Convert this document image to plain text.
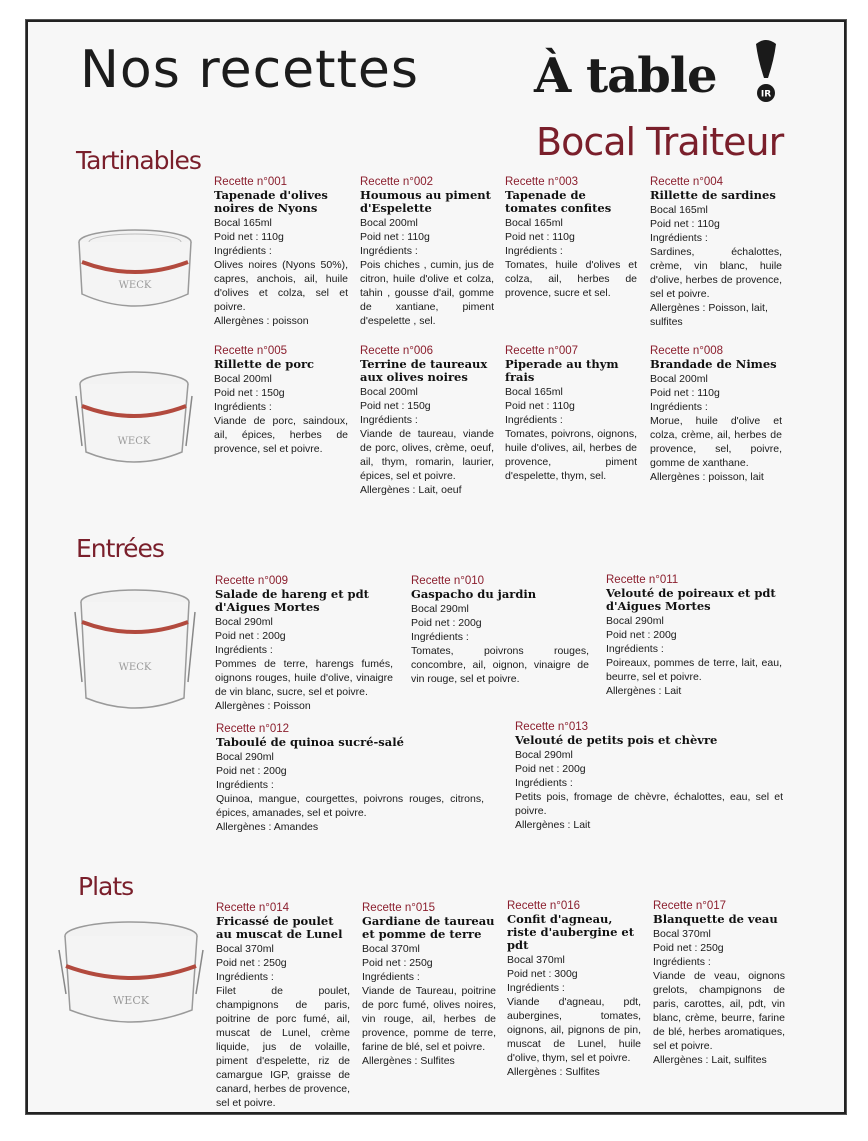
Nos recettes À table	IR
Bocal Traiteur
Tartinables
Entrées
Plats
WECK
WECK
WECK
WECK
Recette n°001
Tapenade d'olives noires de Nyons
Bocal 165ml
Poid net : 110g
Ingrédients :
Olives noires (Nyons 50%), capres, anchois, ail, huile d'olives et colza, sel et poivre.
Allergènes : poisson
Recette n°002
Houmous au piment d'Espelette
Bocal 200ml
Poid net : 110g
Ingrédients :
Pois chiches , cumin, jus de citron, huile d'olive et colza, tahin , gousse d'ail, gomme de xantiane, piment d'espelette , sel.
Recette n°003
Tapenade de tomates confites
Bocal 165ml
Poid net : 110g
Ingrédients :
Tomates, huile d'olives et colza, ail, herbes de provence, sucre et sel.
Recette n°004
Rillette de sardines
Bocal 165ml
Poid net : 110g
Ingrédients :
Sardines, échalottes, crème, vin blanc, huile d'olive, herbes de provence, sel et poivre.
Allergènes : Poisson, lait, sulfites
Recette n°005
Rillette de porc
Bocal 200ml
Poid net : 150g
Ingrédients :
Viande de porc, saindoux, ail, épices, herbes de provence, sel et poivre.
Recette n°006
Terrine de taureaux aux olives noires
Bocal 200ml
Poid net : 150g
Ingrédients :
Viande de taureau, viande de porc, olives, crème, oeuf, ail, thym, romarin, laurier, épices, sel et poivre.
Allergènes : Lait, oeuf
Recette n°007
Piperade au thym frais
Bocal 165ml
Poid net : 110g
Ingrédients :
Tomates, poivrons, oignons, huile d'olives, ail, herbes de provence, piment d'espelette, thym, sel.
Recette n°008
Brandade de Nimes
Bocal 200ml
Poid net : 110g
Ingrédients :
Morue, huile d'olive et colza, crème, ail, herbes de provence, sel, poivre, gomme de xanthane.
Allergènes : poisson, lait
Recette n°009
Salade de hareng et pdt d'Aigues Mortes
Bocal 290ml
Poid net : 200g
Ingrédients :
Pommes de terre, harengs fumés, oignons rouges, huile d'olive, vinaigre de vin blanc, sucre, sel et poivre.
Allergènes : Poisson
Recette n°010
Gaspacho du jardin
Bocal 290ml
Poid net : 200g
Ingrédients :
Tomates, poivrons rouges, concombre, ail, oignon, vinaigre de vin rouge, sel et poivre.
Recette n°011
Velouté de poireaux et pdt d'Aigues Mortes
Bocal 290ml
Poid net : 200g
Ingrédients :
Poireaux, pommes de terre, lait, eau, beurre, sel et poivre.
Allergènes : Lait
Recette n°012
Taboulé de quinoa sucré-salé
Bocal 290ml
Poid net : 200g
Ingrédients :
Quinoa, mangue, courgettes, poivrons rouges, citrons, épices, amanades, sel et poivre.
Allergènes : Amandes
Recette n°013
Velouté de petits pois et chèvre
Bocal 290ml
Poid net : 200g
Ingrédients :
Petits pois, fromage de chèvre, échalottes, eau, sel et poivre.
Allergènes : Lait
Recette n°014
Fricassé de poulet au muscat de Lunel
Bocal 370ml
Poid net : 250g
Ingrédients :
Filet de poulet, champignons de paris, poitrine de porc fumé, ail, muscat de Lunel, crème liquide, jus de volaille, piment d'espelette, riz de camargue IGP, graisse de canard, herbes de provence, sel et poivre.
Recette n°015
Gardiane de taureau et pomme de terre
Bocal 370ml
Poid net : 250g
Ingrédients :
Viande de Taureau, poitrine de porc fumé, olives noires, vin rouge, ail, herbes de provence, pomme de terre, farine de blé, sel et poivre.
Allergènes : Sulfites
Recette n°016
Confit d'agneau, riste d'aubergine et pdt
Bocal 370ml
Poid net : 300g
Ingrédients :
Viande d'agneau, pdt, aubergines, tomates, oignons, ail, pignons de pin, muscat de Lunel, huile d'olive, thym, sel et poivre.
Allergènes : Sulfites
Recette n°017
Blanquette de veau
Bocal 370ml
Poid net : 250g
Ingrédients :
Viande de veau, oignons grelots, champignons de paris, carottes, ail, pdt, vin blanc, crème, beurre, farine de blé, herbes aromatiques, sel et poivre.
Allergènes : Lait, sulfites
